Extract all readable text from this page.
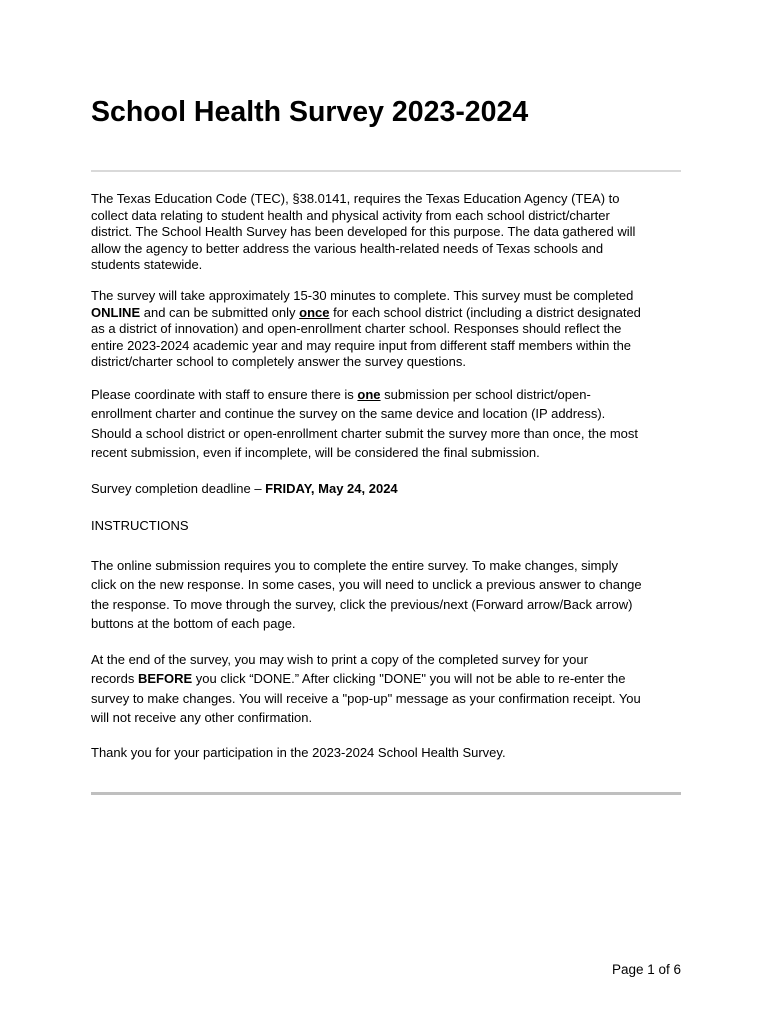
School Health Survey 2023-2024

The Texas Education Code (TEC), §38.0141, requires the Texas Education Agency (TEA) to
collect data relating to student health and physical activity from each school district/charter
district. The School Health Survey has been developed for this purpose. The data gathered will
allow the agency to better address the various health-related needs of Texas schools and
students statewide.

The survey will take approximately 15-30 minutes to complete. This survey must be completed
ONLINE and can be submitted only once for each school district (including a district designated
as a district of innovation) and open-enrollment charter school. Responses should reflect the
entire 2023-2024 academic year and may require input from different staff members within the
district/charter school to completely answer the survey questions.

Please coordinate with staff to ensure there is one submission per school district/open-
enrollment charter and continue the survey on the same device and location (IP address).
Should a school district or open-enrollment charter submit the survey more than once, the most
recent submission, even if incomplete, will be considered the final submission.

Survey completion deadline – FRIDAY, May 24, 2024

INSTRUCTIONS

The online submission requires you to complete the entire survey. To make changes, simply
click on the new response. In some cases, you will need to unclick a previous answer to change
the response. To move through the survey, click the previous/next (Forward arrow/Back arrow)
buttons at the bottom of each page.

At the end of the survey, you may wish to print a copy of the completed survey for your
records BEFORE you click “DONE.” After clicking "DONE" you will not be able to re-enter the
survey to make changes. You will receive a "pop-up" message as your confirmation receipt. You
will not receive any other confirmation.

Thank you for your participation in the 2023-2024 School Health Survey.

Page 1 of 6
